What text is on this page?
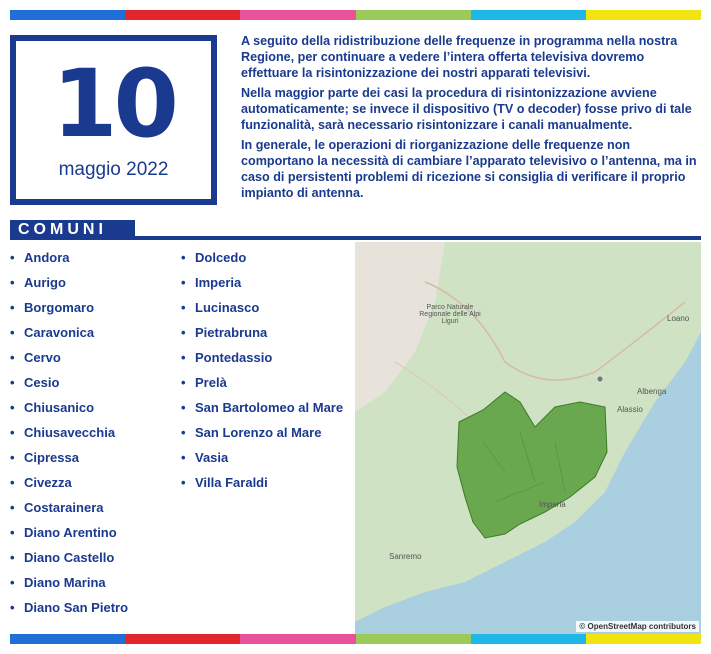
10
maggio 2022

A seguito della ridistribuzione delle frequenze in programma nella nostra Regione, per continuare a vedere l’intera offerta televisiva dovremo effettuare la risintonizzazione dei nostri apparati televisivi.

Nella maggior parte dei casi la procedura di risintonizzazione avviene automaticamente; se invece il dispositivo (TV o decoder) fosse privo di tale funzionalità, sarà necessario risintonizzare i canali manualmente.

In generale, le operazioni di riorganizzazione delle frequenze non comportano la necessità di cambiare l’apparato televisivo o l’antenna, ma in caso di persistenti problemi di ricezione si consiglia di verificare il proprio impianto di antenna.

COMUNI
• Andora
• Aurigo
• Borgomaro
• Caravonica
• Cervo
• Cesio
• Chiusanico
• Chiusavecchia
• Cipressa
• Civezza
• Costarainera
• Diano Arentino
• Diano Castello
• Diano Marina
• Diano San Pietro
• Dolcedo
• Imperia
• Lucinasco
• Pietrabruna
• Pontedassio
• Prelà
• San Bartolomeo al Mare
• San Lorenzo al Mare
• Vasia
• Villa Faraldi
Imperia
Sanremo
Albenga
Alassio
Loano
Parco Naturale Regionale delle Alpi Liguri
© OpenStreetMap contributors
